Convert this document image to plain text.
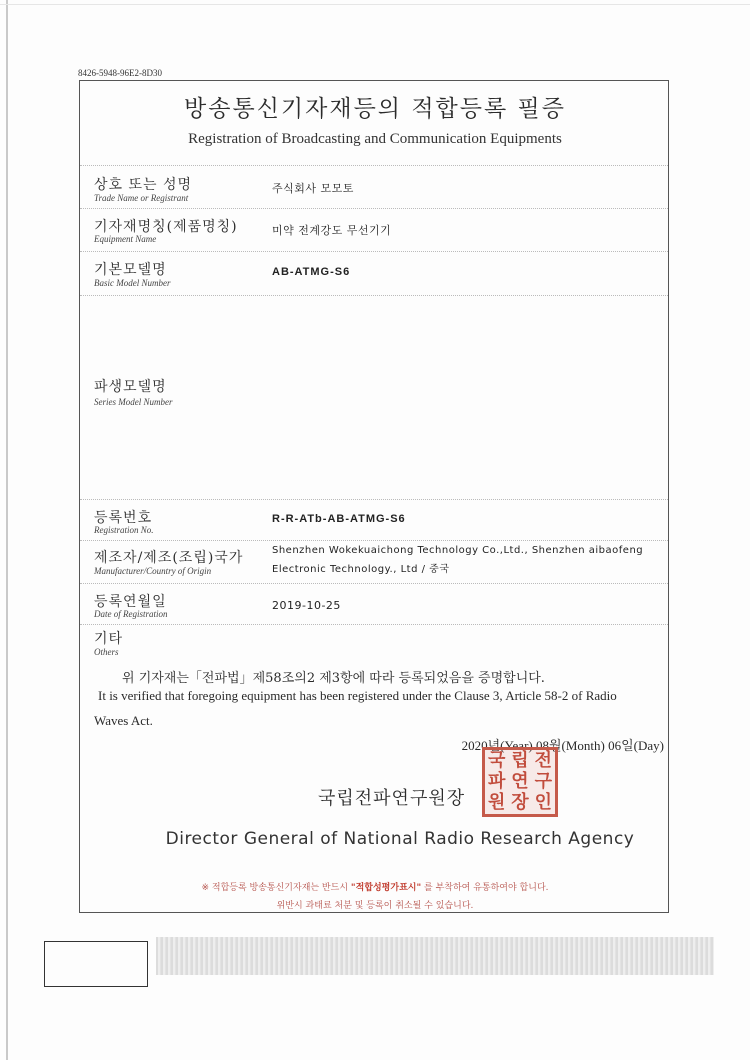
8426-5948-96E2-8D30
방송통신기자재등의 적합등록 필증
Registration of Broadcasting and Communication Equipments
상호 또는 성명
Trade Name or Registrant
주식회사 모모토
기자재명칭(제품명칭)
Equipment Name
미약 전계강도 무선기기
기본모델명
Basic Model Number
AB-ATMG-S6
파생모델명
Series Model Number
등록번호
Registration No.
R-R-ATb-AB-ATMG-S6
제조자/제조(조립)국가
Manufacturer/Country of Origin
Shenzhen Wokekuaichong Technology Co.,Ltd., Shenzhen aibaofeng
Electronic Technology., Ltd / 중국
등록연월일
Date of Registration
2019-10-25
기타
Others
위 기자재는「전파법」제58조의2 제3항에 따라 등록되었음을 증명합니다.
It is verified that foregoing equipment has been registered under the Clause 3, Article 58-2 of Radio
Waves Act.
2020년(Year) 08월(Month) 06일(Day)
국 립 전
파 연 구
원 장 인
국립전파연구원장
Director General of National Radio Research Agency
※ 적합등록 방송통신기자재는 반드시 "적합성평가표시" 를 부착하여 유통하여야 합니다.
위반시 과태료 처분 및 등록이 취소될 수 있습니다.
